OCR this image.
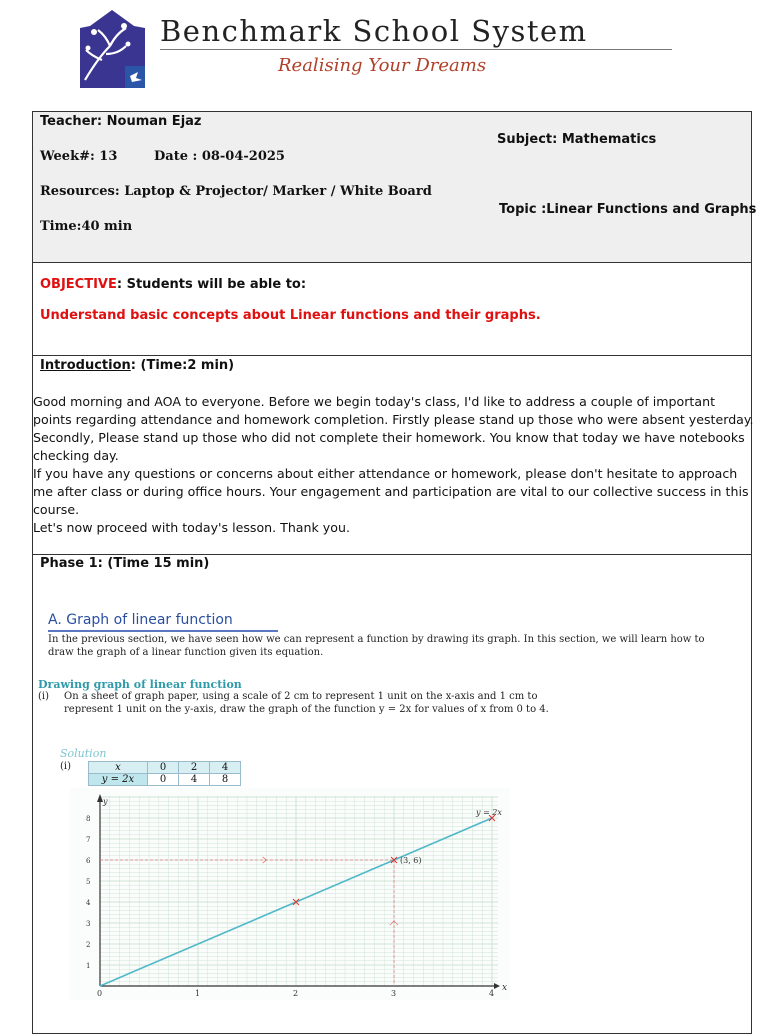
Benchmark School System
Realising Your Dreams
Teacher: Nouman Ejaz
Week#: 13	Date : 08-04-2025
Resources: Laptop & Projector/ Marker / White Board
Time:40 min
Subject: Mathematics
Topic :Linear Functions and Graphs
OBJECTIVE: Students will be able to:
Understand basic concepts about Linear functions and their graphs.
Introduction: (Time:2 min)
Good morning and AOA to everyone. Before we begin today's class, I'd like to address a couple of important points regarding attendance and homework completion. Firstly please stand up those who were absent yesterday. Secondly, Please stand up those who did not complete their homework. You know that today we have notebooks checking day.
If you have any questions or concerns about either attendance or homework, please don't hesitate to approach me after class or during office hours. Your engagement and participation are vital to our collective success in this course.
Let's now proceed with today's lesson. Thank you.
Phase 1: (Time 15 min)
A. Graph of linear function
In the previous section, we have seen how we can represent a function by drawing its graph. In this section, we will learn how to draw the graph of a linear function given its equation.
Drawing graph of linear function
(i) On a sheet of graph paper, using a scale of 2 cm to represent 1 unit on the x-axis and 1 cm to represent 1 unit on the y-axis, draw the graph of the function y = 2x for values of x from 0 to 4.
Solution
(i)	x	0	2	4
y = 2x	0	4	8
x
y
0	1	2	3	4
1
2
3
4
5
6
7
8
y = 2x
(3, 6)
